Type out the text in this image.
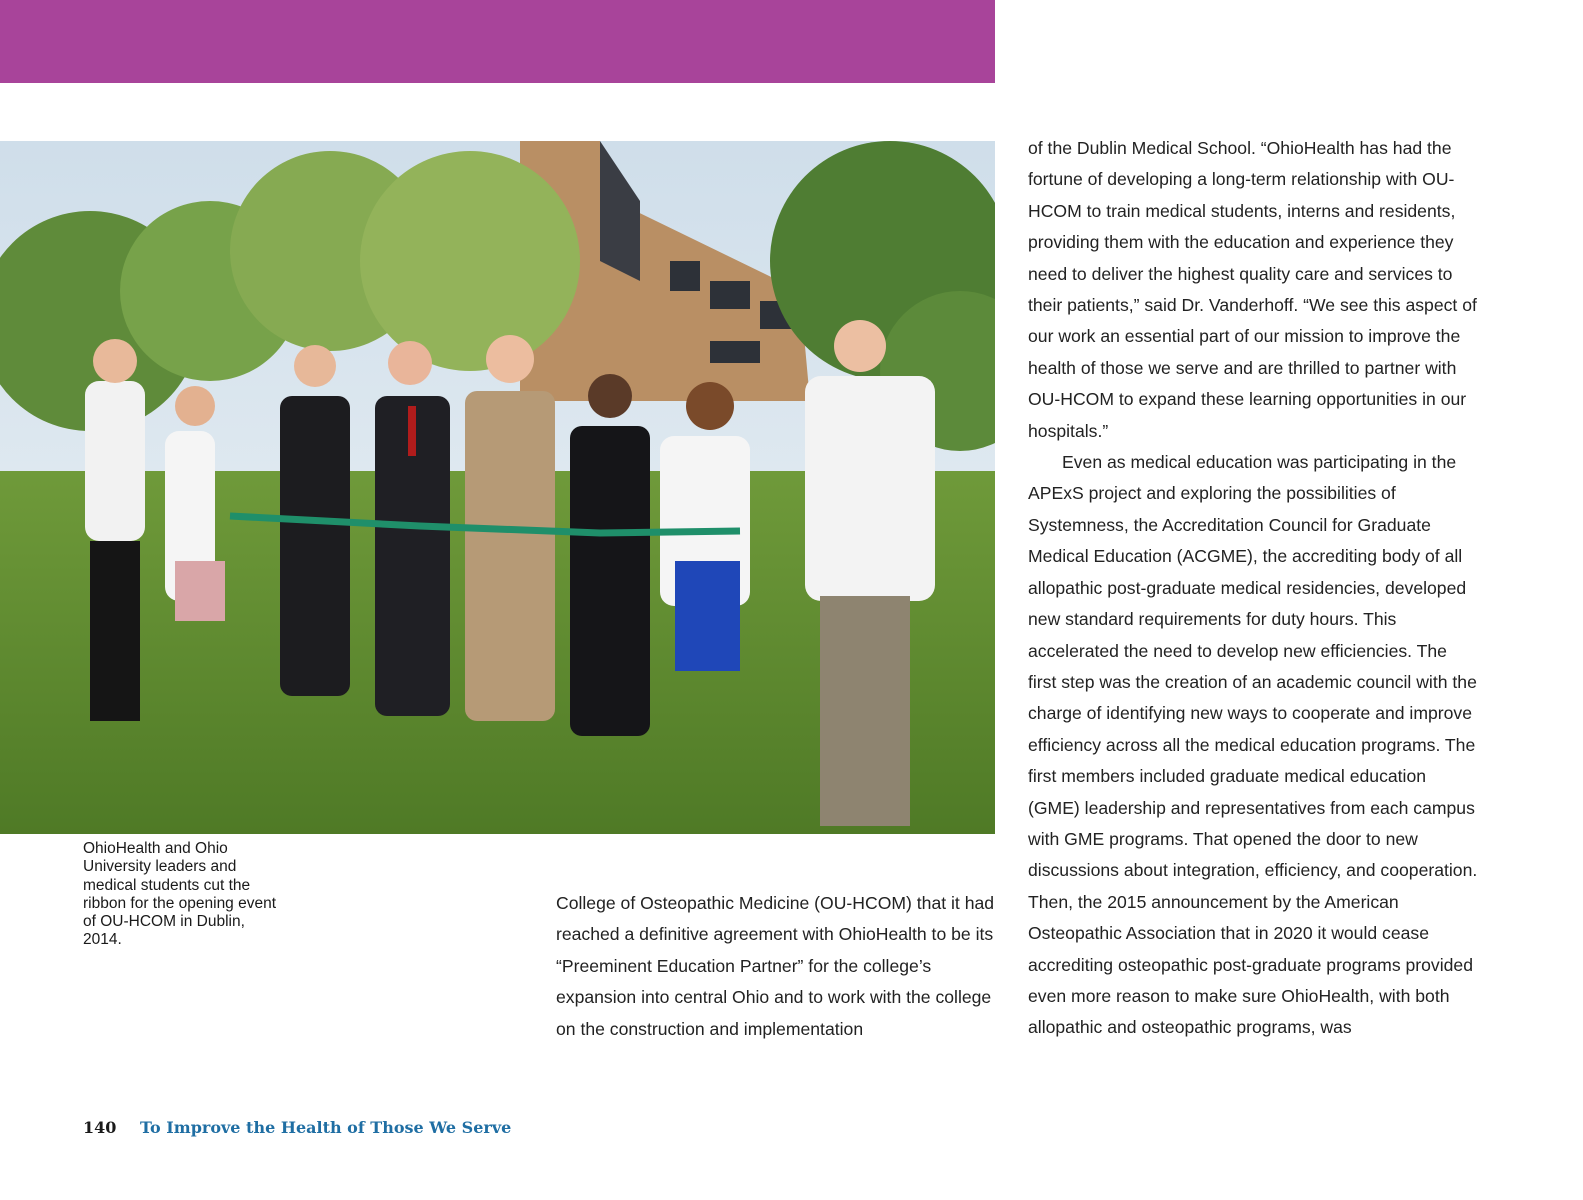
OhioHealth and Ohio University leaders and medical students cut the ribbon for the opening event of OU-HCOM in Dublin, 2014.

College of Osteopathic Medicine (OU-HCOM) that it had reached a definitive agreement with OhioHealth to be its “Preeminent Education Partner” for the college’s expansion into central Ohio and to work with the college on the construction and implementation

of the Dublin Medical School. “OhioHealth has had the fortune of developing a long-term relationship with OU-HCOM to train medical students, interns and residents, providing them with the education and experience they need to deliver the highest quality care and services to their patients,” said Dr. Vanderhoff. “We see this aspect of our work an essential part of our mission to improve the health of those we serve and are thrilled to partner with OU-HCOM to expand these learning opportunities in our hospitals.”

Even as medical education was participating in the APExS project and exploring the possibilities of Systemness, the Accreditation Council for Graduate Medical Education (ACGME), the accrediting body of all allopathic post-graduate medical residencies, developed new standard requirements for duty hours. This accelerated the need to develop new efficiencies. The first step was the creation of an academic council with the charge of identifying new ways to cooperate and improve efficiency across all the medical education programs. The first members included graduate medical education (GME) leadership and representatives from each campus with GME programs. That opened the door to new discussions about integration, efficiency, and cooperation. Then, the 2015 announcement by the American Osteopathic Association that in 2020 it would cease accrediting osteopathic post-graduate programs provided even more reason to make sure OhioHealth, with both allopathic and osteopathic programs, was

140 To Improve the Health of Those We Serve
